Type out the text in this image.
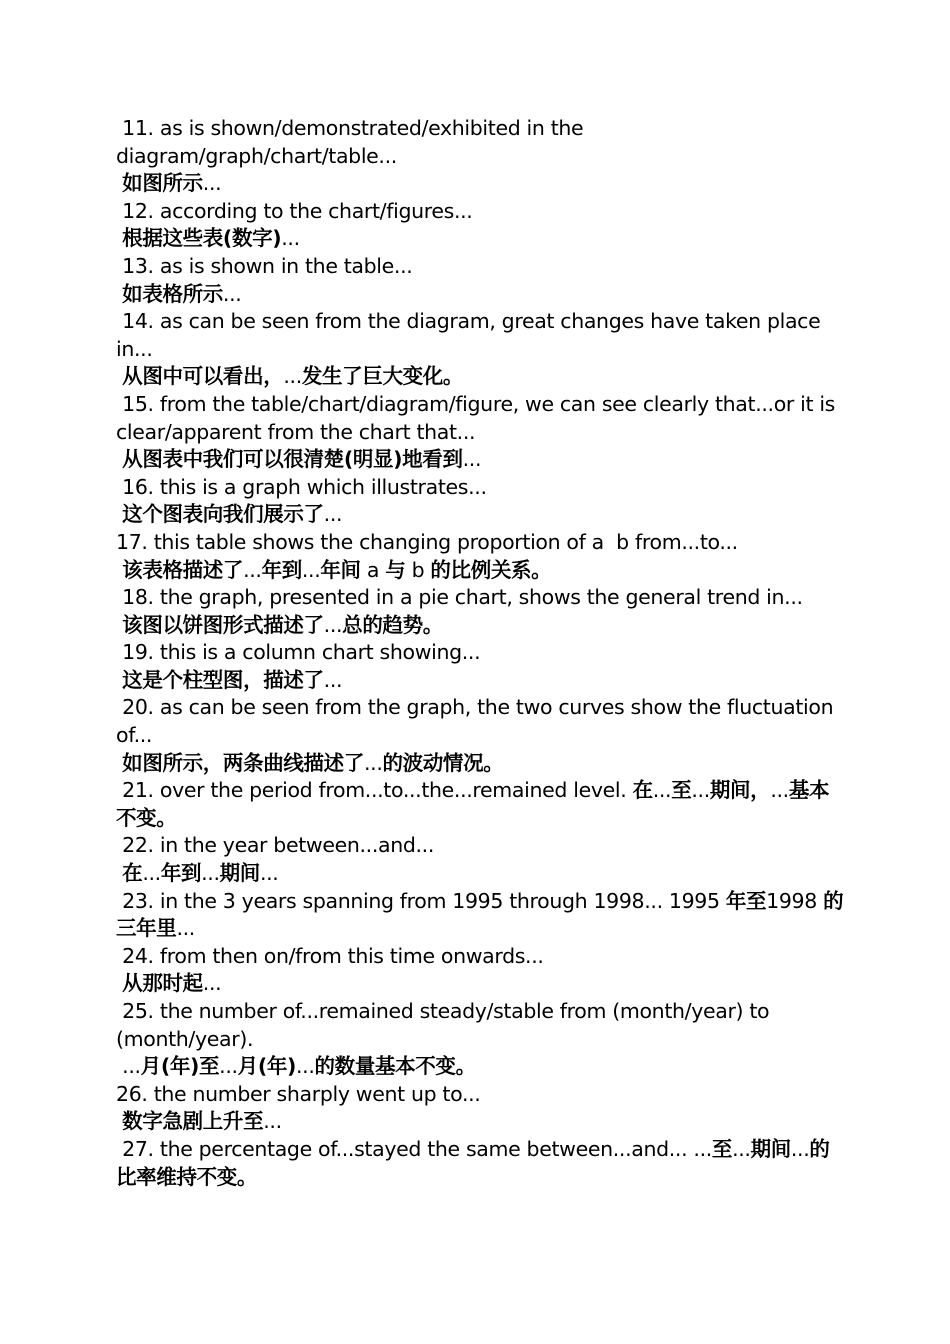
11. as is shown/demonstrated/exhibited in the diagram/graph/chart/table...
如图所示...
12. according to the chart/figures...
根据这些表(数字)...
13. as is shown in the table...
如表格所示...
14. as can be seen from the diagram, great changes have taken place in...
从图中可以看出，...发生了巨大变化。
15. from the table/chart/diagram/figure, we can see clearly that...or it is clear/apparent from the chart that...
从图表中我们可以很清楚(明显)地看到...
16. this is a graph which illustrates...
这个图表向我们展示了...
17. this table shows the changing proportion of a  b from...to...
该表格描述了...年到...年间 a 与 b 的比例关系。
18. the graph, presented in a pie chart, shows the general trend in...
该图以饼图形式描述了...总的趋势。
19. this is a column chart showing...
这是个柱型图，描述了...
20. as can be seen from the graph, the two curves show the fluctuation of...
如图所示，两条曲线描述了...的波动情况。
21. over the period from...to...the...remained level. 在...至...期间，...基本不变。
22. in the year between...and...
在...年到...期间...
23. in the 3 years spanning from 1995 through 1998... 1995 年至1998 的三年里...
24. from then on/from this time onwards...
从那时起...
25. the number of...remained steady/stable from (month/year) to (month/year).
...月(年)至...月(年)...的数量基本不变。
26. the number sharply went up to...
数字急剧上升至...
27. the percentage of...stayed the same between...and... ...至...期间...的比率维持不变。
